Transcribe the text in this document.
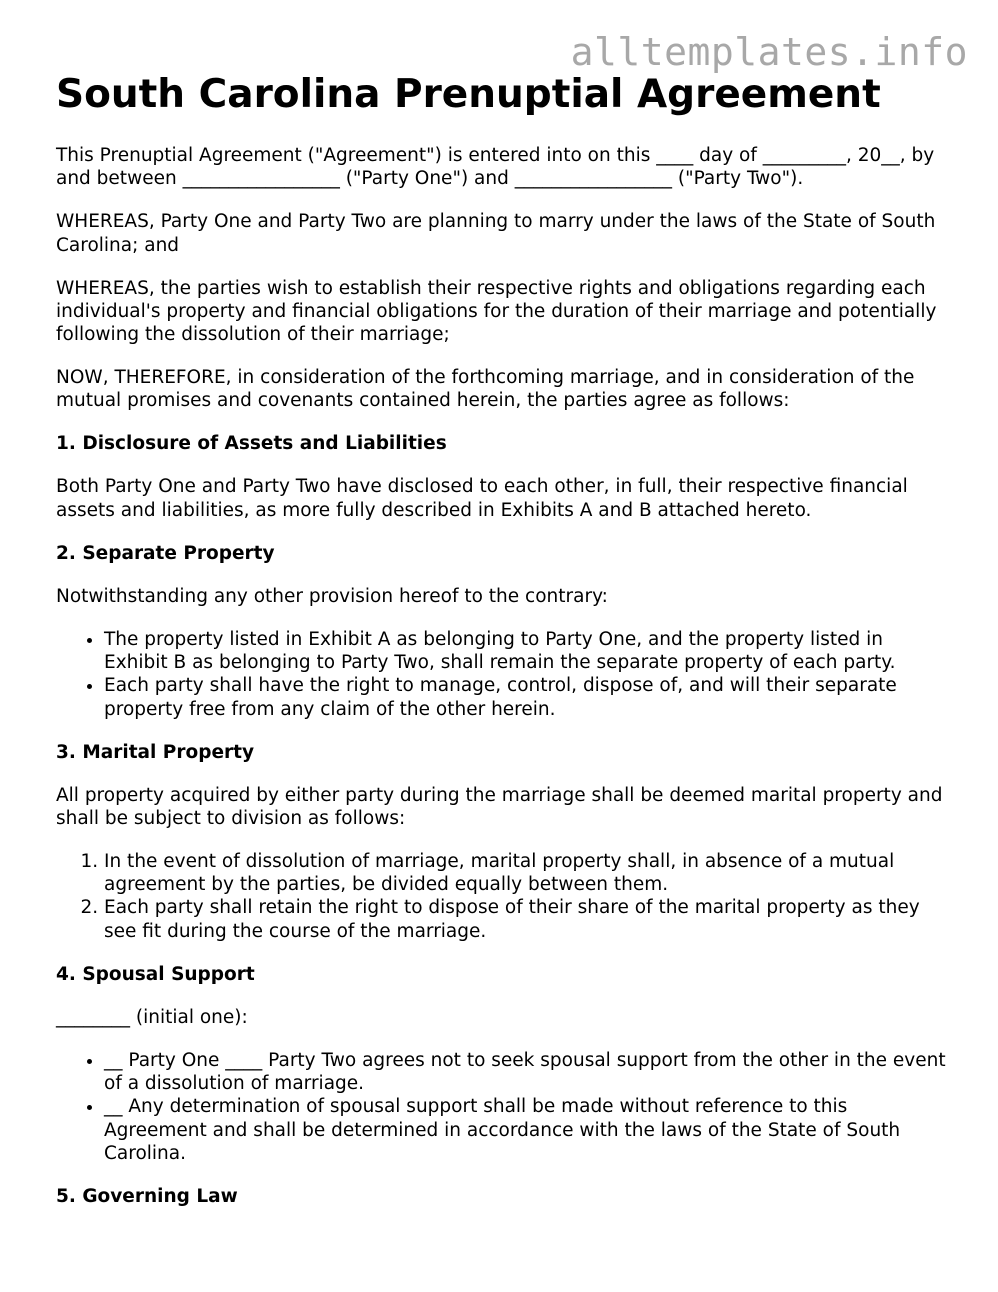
alltemplates.info
South Carolina Prenuptial Agreement

This Prenuptial Agreement ("Agreement") is entered into on this ____ day of _________, 20__, by and between _________________ ("Party One") and _________________ ("Party Two").

WHEREAS, Party One and Party Two are planning to marry under the laws of the State of South Carolina; and

WHEREAS, the parties wish to establish their respective rights and obligations regarding each individual's property and financial obligations for the duration of their marriage and potentially following the dissolution of their marriage;

NOW, THEREFORE, in consideration of the forthcoming marriage, and in consideration of the mutual promises and covenants contained herein, the parties agree as follows:

1. Disclosure of Assets and Liabilities

Both Party One and Party Two have disclosed to each other, in full, their respective financial assets and liabilities, as more fully described in Exhibits A and B attached hereto.

2. Separate Property

Notwithstanding any other provision hereof to the contrary:

• The property listed in Exhibit A as belonging to Party One, and the property listed in Exhibit B as belonging to Party Two, shall remain the separate property of each party.
• Each party shall have the right to manage, control, dispose of, and will their separate property free from any claim of the other herein.
3. Marital Property

All property acquired by either party during the marriage shall be deemed marital property and shall be subject to division as follows:

1. In the event of dissolution of marriage, marital property shall, in absence of a mutual agreement by the parties, be divided equally between them.
2. Each party shall retain the right to dispose of their share of the marital property as they see fit during the course of the marriage.
4. Spousal Support

________ (initial one):

• __ Party One ____ Party Two agrees not to seek spousal support from the other in the event of a dissolution of marriage.
• __ Any determination of spousal support shall be made without reference to this Agreement and shall be determined in accordance with the laws of the State of South Carolina.
5. Governing Law
